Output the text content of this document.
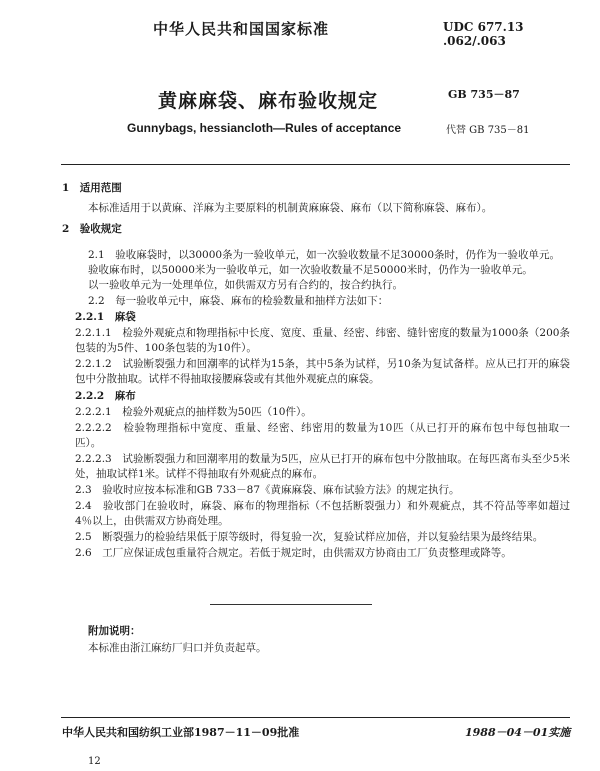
中华人民共和国国家标准	UDC 677.13 .062/.063
黄麻麻袋、麻布验收规定	GB 735－87
Gunnybags, hessiancloth—Rules of acceptance	代替 GB 735－81
1　适用范围
本标准适用于以黄麻、洋麻为主要原料的机制黄麻麻袋、麻布（以下简称麻袋、麻布）。
2　验收规定
2.1　验收麻袋时，以30000条为一验收单元，如一次验收数量不足30000条时，仍作为一验收单元。
验收麻布时，以50000米为一验收单元，如一次验收数量不足50000米时，仍作为一验收单元。
以一验收单元为一处理单位，如供需双方另有合约的，按合约执行。
2.2　每一验收单元中，麻袋、麻布的检验数量和抽样方法如下：
2.2.1　麻袋
2.2.1.1　检验外观疵点和物理指标中长度、宽度、重量、经密、纬密、缝针密度的数量为1000条（200条包装的为5件、100条包装的为10件）。
2.2.1.2　试验断裂强力和回潮率的试样为15条，其中5条为试样，另10条为复试备样。应从已打开的麻袋包中分散抽取。试样不得抽取接腰麻袋或有其他外观疵点的麻袋。
2.2.2　麻布
2.2.2.1　检验外观疵点的抽样数为50匹（10件）。
2.2.2.2　检验物理指标中宽度、重量、经密、纬密用的数量为10匹（从已打开的麻布包中每包抽取一匹）。
2.2.2.3　试验断裂强力和回潮率用的数量为5匹，应从已打开的麻布包中分散抽取。在每匹离布头至少5米处，抽取试样1米。试样不得抽取有外观疵点的麻布。
2.3　验收时应按本标准和GB 733－87《黄麻麻袋、麻布试验方法》的规定执行。
2.4　验收部门在验收时，麻袋、麻布的物理指标（不包括断裂强力）和外观疵点，其不符品等率如超过4％以上，由供需双方协商处理。
2.5　断裂强力的检验结果低于原等级时，得复验一次，复验试样应加倍，并以复验结果为最终结果。
2.6　工厂应保证成包重量符合规定。若低于规定时，由供需双方协商由工厂负责整理或降等。
附加说明：
本标准由浙江麻纺厂归口并负责起草。
中华人民共和国纺织工业部1987－11－09批准	1988－04－01实施
12
